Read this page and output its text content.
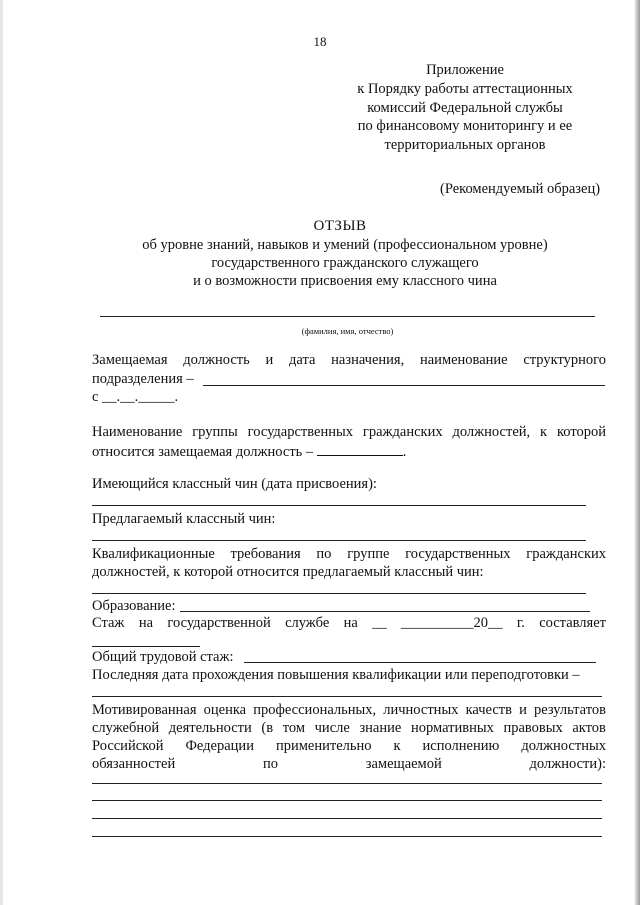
18
Приложение
к Порядку работы аттестационных
комиссий Федеральной службы
по финансовому мониторингу и ее
территориальных органов
(Рекомендуемый образец)
ОТЗЫВ
об уровне знаний, навыков и умений (профессиональном уровне)
государственного гражданского служащего
и о возможности присвоения ему классного чина
(фамилия, имя, отчество)
Замещаемая должность и дата назначения, наименование структурного
подразделения –
с __.__._____.
Наименование группы государственных гражданских должностей, к которой
относится замещаемая должность –	.
Имеющийся классный чин (дата присвоения):
Предлагаемый классный чин:
Квалификационные требования по группе государственных гражданских
должностей, к которой относится предлагаемый классный чин:
Образование:
Стаж на государственной службе на __ __________20__ г. составляет
Общий трудовой стаж:
Последняя дата прохождения повышения квалификации или переподготовки –
Мотивированная оценка профессиональных, личностных качеств и результатов
служебной деятельности (в том числе знание нормативных правовых актов
Российской Федерации применительно к исполнению должностных
обязанностей	по	замещаемой	должности):
